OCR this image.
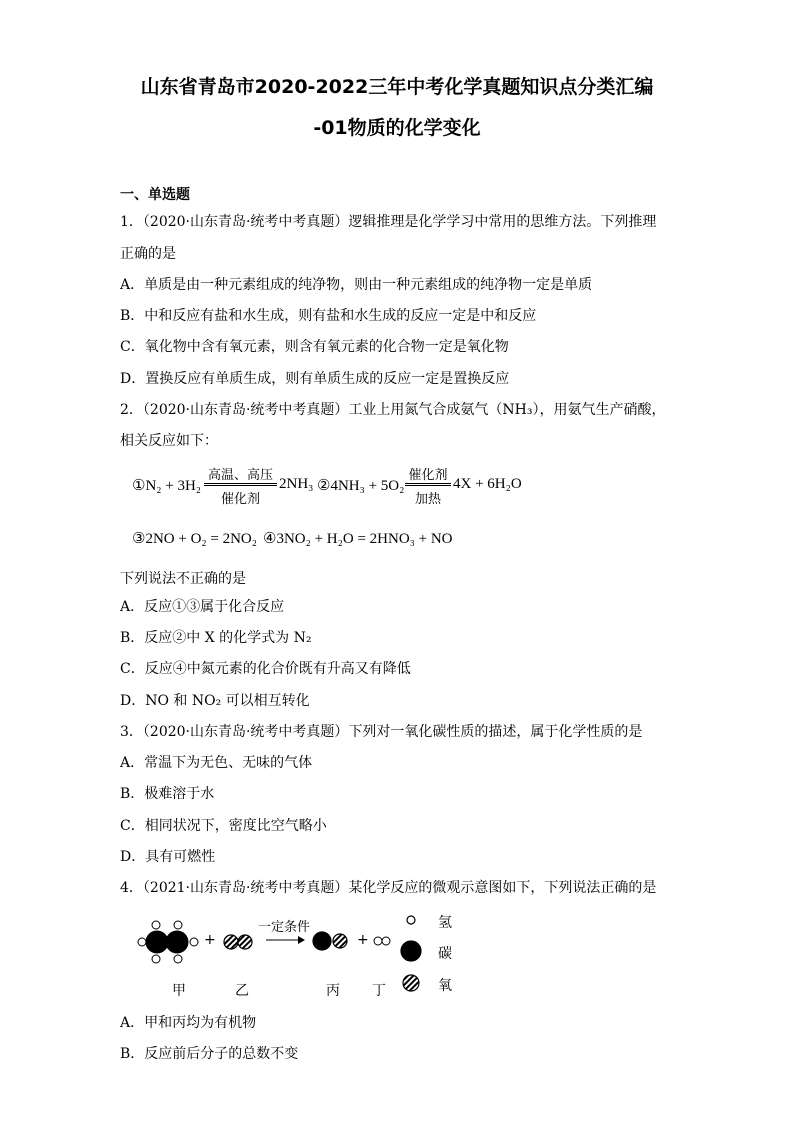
山东省青岛市2020-2022三年中考化学真题知识点分类汇编
-01物质的化学变化
一、单选题
1．（2020·山东青岛·统考中考真题）逻辑推理是化学学习中常用的思维方法。下列推理
正确的是
A．单质是由一种元素组成的纯净物，则由一种元素组成的纯净物一定是单质
B．中和反应有盐和水生成，则有盐和水生成的反应一定是中和反应
C．氧化物中含有氧元素，则含有氧元素的化合物一定是氧化物
D．置换反应有单质生成，则有单质生成的反应一定是置换反应
2．（2020·山东青岛·统考中考真题）工业上用氮气合成氨气（NH₃），用氨气生产硝酸，
相关反应如下：
①N₂ + 3H₂
高温、高压
催化剂
2NH₃ ②4NH₃ + 5O₂
催化剂
加热
4X + 6H₂O
③2NO + O₂ = 2NO₂ ④3NO₂ + H₂O = 2HNO₃ + NO
下列说法不正确的是
A．反应①③属于化合反应
B．反应②中 X 的化学式为 N₂
C．反应④中氮元素的化合价既有升高又有降低
D．NO 和 NO₂ 可以相互转化
3．（2020·山东青岛·统考中考真题）下列对一氧化碳性质的描述，属于化学性质的是
A．常温下为无色、无味的气体
B．极难溶于水
C．相同状况下，密度比空气略小
D．具有可燃性
4．（2021·山东青岛·统考中考真题）某化学反应的微观示意图如下，下列说法正确的是
一定条件
+	+
甲	乙	丙 丁
氢
碳
氧
A．甲和丙均为有机物
B．反应前后分子的总数不变
